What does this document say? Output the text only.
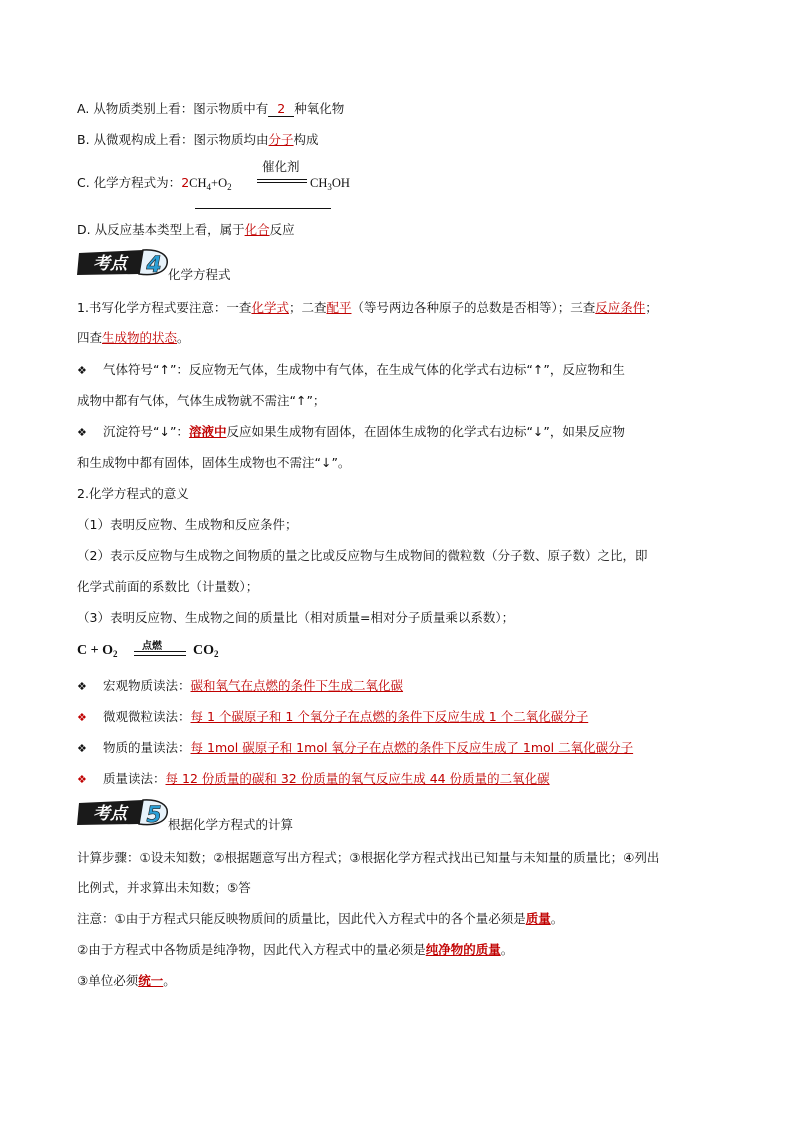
A. 从物质类别上看：图示物质中有 2 种氧化物
B. 从微观构成上看：图示物质均由分子构成
C. 化学方程式为：$2CH_4+O_2$
催化剂
$CH_3OH$
D. 从反应基本类型上看，属于化合反应
考点 4 化学方程式
1.书写化学方程式要注意：一查化学式；二查配平（等号两边各种原子的总数是否相等）；三查反应条件；
四查生成物的状态。
❖ 气体符号“↑”：反应物无气体，生成物中有气体，在生成气体的化学式右边标“↑”，反应物和生
成物中都有气体，气体生成物就不需注“↑”；
❖ 沉淀符号“↓”：溶液中反应如果生成物有固体，在固体生成物的化学式右边标“↓”，如果反应物
和生成物中都有固体，固体生成物也不需注“↓”。
2.化学方程式的意义
（1）表明反应物、生成物和反应条件；
（2）表示反应物与生成物之间物质的量之比或反应物与生成物间的微粒数（分子数、原子数）之比，即
化学式前面的系数比（计量数）；
（3）表明反应物、生成物之间的质量比（相对质量=相对分子质量乘以系数）；
$C + O_2$
点燃 $CO_2$
❖ 宏观物质读法：碳和氧气在点燃的条件下生成二氧化碳
❖ 微观微粒读法：每 1 个碳原子和 1 个氧分子在点燃的条件下反应生成 1 个二氧化碳分子
❖ 物质的量读法：每 1mol 碳原子和 1mol 氧分子在点燃的条件下反应生成了 1mol 二氧化碳分子
❖ 质量读法：每 12 份质量的碳和 32 份质量的氧气反应生成 44 份质量的二氧化碳
考点 5 根据化学方程式的计算
计算步骤：①设未知数；②根据题意写出方程式；③根据化学方程式找出已知量与未知量的质量比；④列出
比例式，并求算出未知数；⑤答
注意：①由于方程式只能反映物质间的质量比，因此代入方程式中的各个量必须是质量。
②由于方程式中各物质是纯净物，因此代入方程式中的量必须是纯净物的质量。
③单位必须统一。
